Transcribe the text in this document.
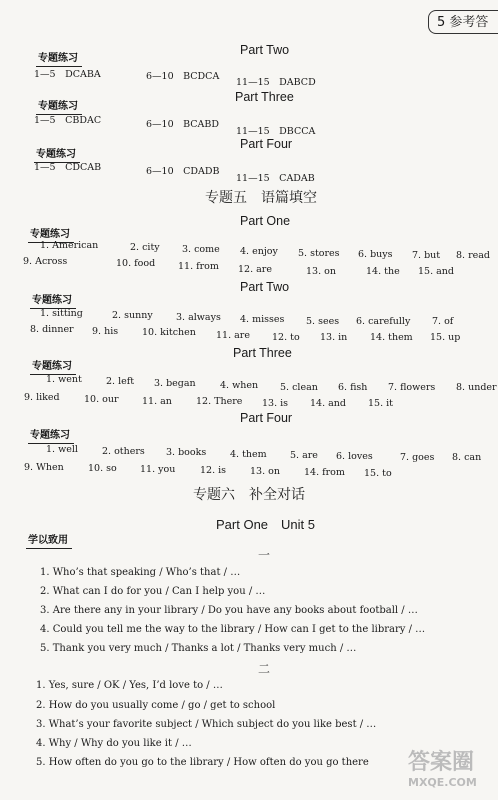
5 参考答
专题练习
Part Two
1—5　DCABA	6—10　BCDCA
11—15　DABCD
专题练习
Part Three
1—5　CBDAC	6—10　BCABD
11—15　DBCCA
专题练习
Part Four
1—5　CDCAB	6—10　CDADB
11—15　CADAB
专题五　语篇填空
Part One
专题练习
1. American	2. city 3. come 4. enjoy 5. stores 6. buys 7. but 8. read
9. Across	10. food 11. from 12. are	13. on	14. the 15. and
Part Two
专题练习
1. sitting	2. sunny 3. always 4. misses 5. sees 6. carefully 7. of
8. dinner 9. his	10. kitchen 11. are 12. to 13. in 14. them 15. up
Part Three
专题练习
1. went	2. left 3. began	4. when 5. clean 6. fish 7. flowers 8. under
9. liked	10. our 11. an	12. There 13. is 14. and 15. it
Part Four
专题练习
1. well	2. others 3. books	4. them 5. are 6. loves	7. goes 8. can
9. When	10. so 11. you	12. is	13. on	14. from 15. to
专题六　补全对话
Part One　Unit 5
学以致用
一
1. Who’s that speaking / Who’s that / …
2. What can I do for you / Can I help you / …
3. Are there any in your library / Do you have any books about football / …
4. Could you tell me the way to the library / How can I get to the library / …
5. Thank you very much / Thanks a lot / Thanks very much / …
二
1. Yes, sure / OK / Yes, I’d love to / …
2. How do you usually come / go / get to school
3. What’s your favorite subject / Which subject do you like best / …
4. Why / Why do you like it / …
5. How often do you go to the library / How often do you go there 答案圈
MXQE.COM
